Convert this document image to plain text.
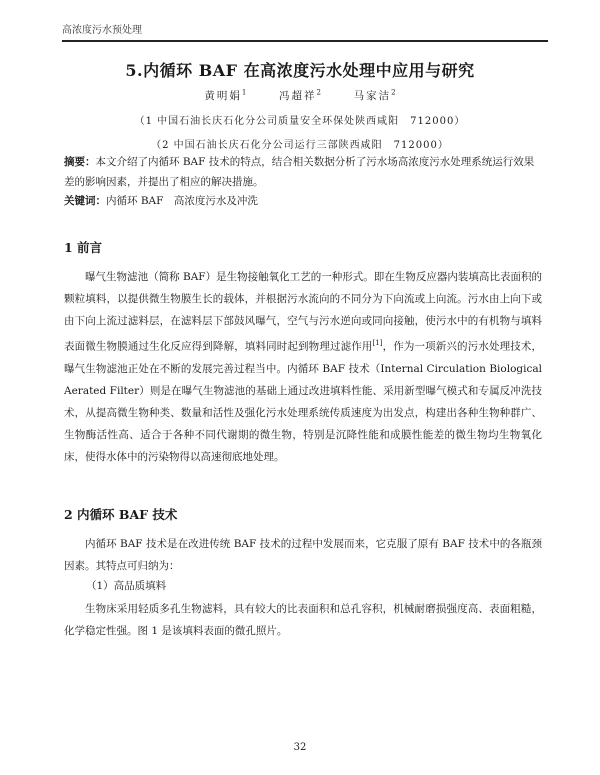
高浓度污水预处理
5.内循环 BAF 在高浓度污水处理中应用与研究
黄明娟$^1$	冯超祥$^2$	马家洁$^2$
（1 中国石油长庆石化分公司质量安全环保处陕西咸阳　712000）
（2 中国石油长庆石化分公司运行三部陕西咸阳　712000）
摘要：本文介绍了内循环 BAF 技术的特点，结合相关数据分析了污水场高浓度污水处理系统运行效果差的影响因素，并提出了相应的解决措施。
关键词：内循环 BAF　高浓度污水及冲洗
1 前言

曝气生物滤池（简称 BAF）是生物接触氧化工艺的一种形式。即在生物反应器内装填高比表面积的颗粒填料，以提供微生物膜生长的载体，并根据污水流向的不同分为下向流或上向流。污水由上向下或由下向上流过滤料层，在滤料层下部鼓风曝气，空气与污水逆向或同向接触，使污水中的有机物与填料表面微生物膜通过生化反应得到降解，填料同时起到物理过滤作用[1]，作为一项新兴的污水处理技术，曝气生物滤池正处在不断的发展完善过程当中。内循环 BAF 技术（Internal Circulation Biological Aerated Filter）则是在曝气生物滤池的基础上通过改进填料性能、采用新型曝气模式和专属反冲洗技术，从提高微生物种类、数量和活性及强化污水处理系统传质速度为出发点，构建出各种生物种群广、生物酶活性高、适合于各种不同代谢期的微生物，特别是沉降性能和成膜性能差的微生物均生物氧化床，使得水体中的污染物得以高速彻底地处理。

2 内循环 BAF 技术

内循环 BAF 技术是在改进传统 BAF 技术的过程中发展而来，它克服了原有 BAF 技术中的各瓶颈因素。其特点可归纳为：

（1）高品质填料

生物床采用轻质多孔生物滤料，具有较大的比表面积和总孔容积，机械耐磨损强度高、表面粗糙，化学稳定性强。图 1 是该填料表面的微孔照片。

32
